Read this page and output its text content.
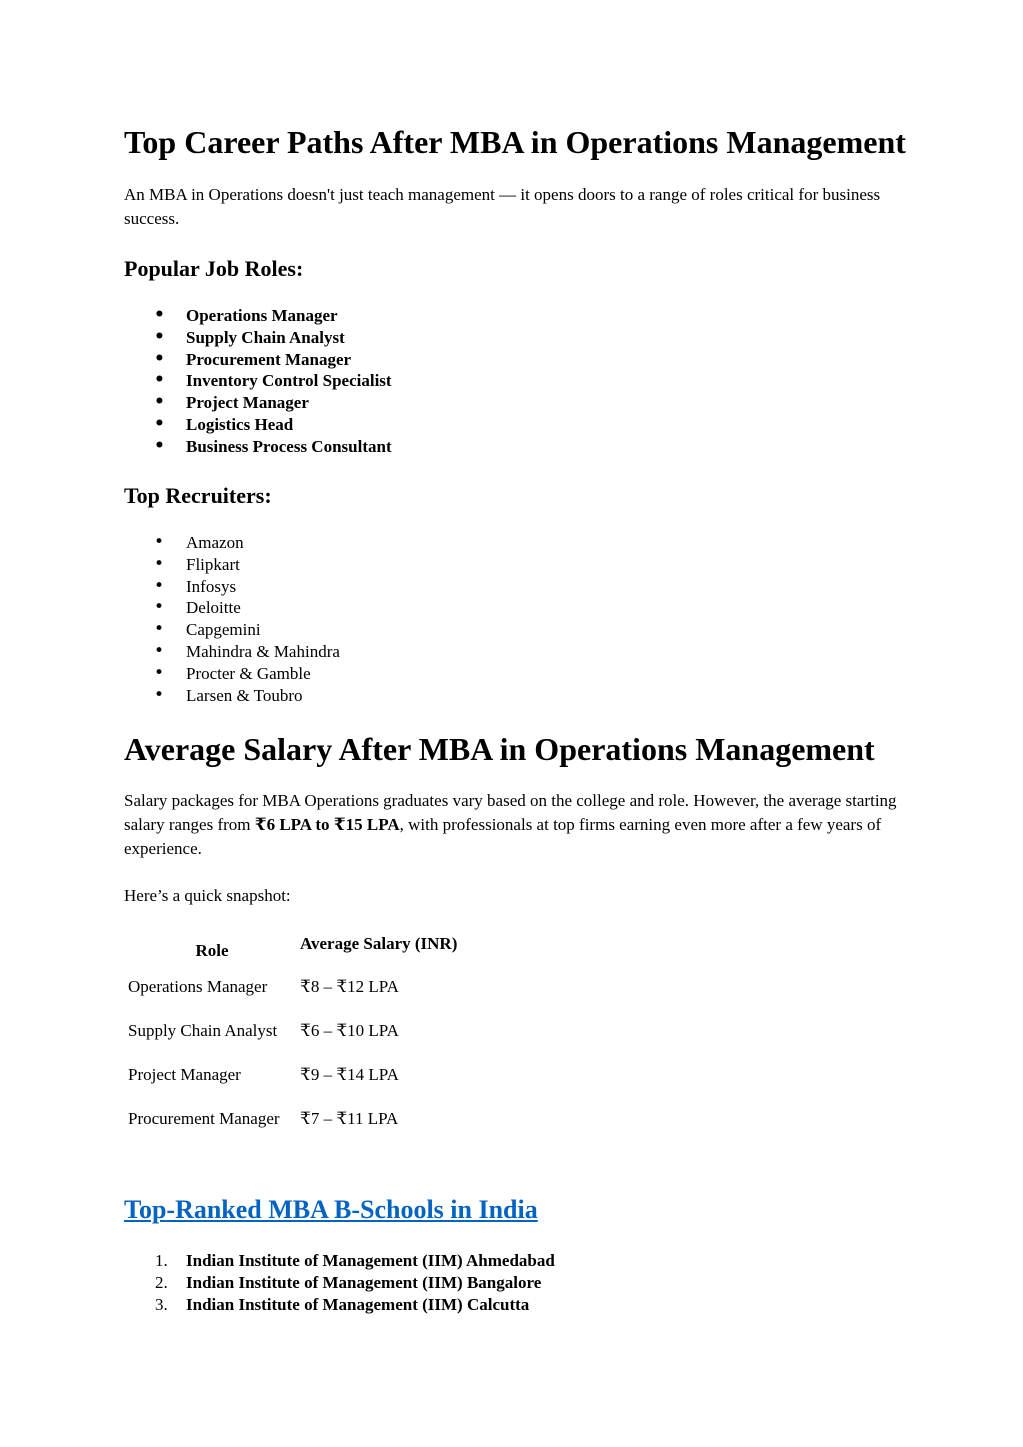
Top Career Paths After MBA in Operations Management

An MBA in Operations doesn't just teach management — it opens doors to a range of roles critical for business success.

Popular Job Roles:
• Operations Manager
• Supply Chain Analyst
• Procurement Manager
• Inventory Control Specialist
• Project Manager
• Logistics Head
• Business Process Consultant
Top Recruiters:
• Amazon
• Flipkart
• Infosys
• Deloitte
• Capgemini
• Mahindra & Mahindra
• Procter & Gamble
• Larsen & Toubro
Average Salary After MBA in Operations Management

Salary packages for MBA Operations graduates vary based on the college and role. However, the average starting salary ranges from ₹6 LPA to ₹15 LPA, with professionals at top firms earning even more after a few years of experience.

Here’s a quick snapshot:

Role	Average Salary (INR)
Operations Manager	₹8 – ₹12 LPA
Supply Chain Analyst	₹6 – ₹10 LPA
Project Manager	₹9 – ₹14 LPA
Procurement Manager	₹7 – ₹11 LPA
Top-Ranked MBA B-Schools in India
1. Indian Institute of Management (IIM) Ahmedabad
2. Indian Institute of Management (IIM) Bangalore
3. Indian Institute of Management (IIM) Calcutta
